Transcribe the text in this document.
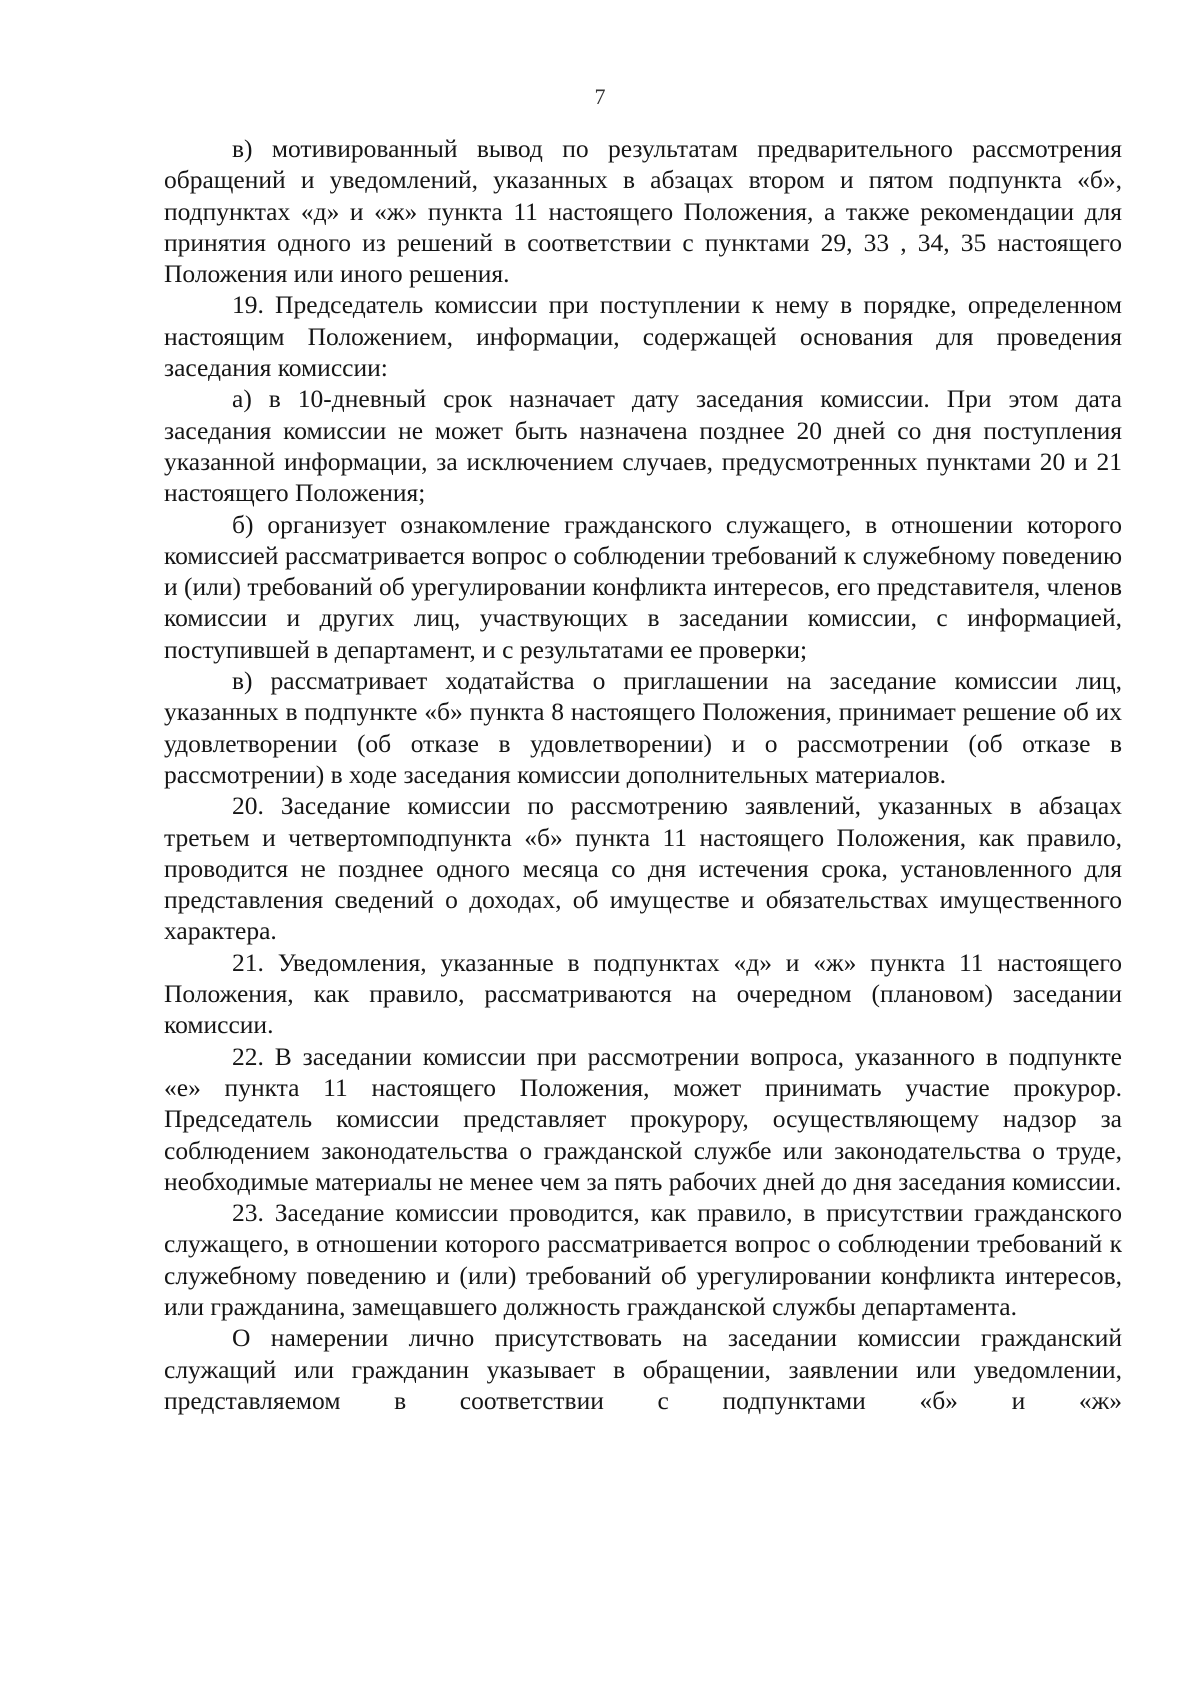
7

в) мотивированный вывод по результатам предварительного рассмотрения обращений и уведомлений, указанных в абзацах втором и пятом подпункта «б», подпунктах «д» и «ж» пункта 11 настоящего Положения, а также рекомендации для принятия одного из решений в соответствии с пунктами 29, 33 , 34, 35 настоящего Положения или иного решения.

19. Председатель комиссии при поступлении к нему в порядке, определенном настоящим Положением, информации, содержащей основания для проведения заседания комиссии:

а) в 10-дневный срок назначает дату заседания комиссии. При этом дата заседания комиссии не может быть назначена позднее 20 дней со дня поступления указанной информации, за исключением случаев, предусмотренных пунктами 20 и 21 настоящего Положения;

б) организует ознакомление гражданского служащего, в отношении которого комиссией рассматривается вопрос о соблюдении требований к служебному поведению и (или) требований об урегулировании конфликта интересов, его представителя, членов комиссии и других лиц, участвующих в заседании комиссии, с информацией, поступившей в департамент, и с результатами ее проверки;

в) рассматривает ходатайства о приглашении на заседание комиссии лиц, указанных в подпункте «б» пункта 8 настоящего Положения, принимает решение об их удовлетворении (об отказе в удовлетворении) и о рассмотрении (об отказе в рассмотрении) в ходе заседания комиссии дополнительных материалов.

20. Заседание комиссии по рассмотрению заявлений, указанных в абзацах третьем и четвертомподпункта «б» пункта 11 настоящего Положения, как правило, проводится не позднее одного месяца со дня истечения срока, установленного для представления сведений о доходах, об имуществе и обязательствах имущественного характера.

21. Уведомления, указанные в подпунктах «д» и «ж» пункта 11 настоящего Положения, как правило, рассматриваются на очередном (плановом) заседании комиссии.

22. В заседании комиссии при рассмотрении вопроса, указанного в подпункте «е» пункта 11 настоящего Положения, может принимать участие прокурор. Председатель комиссии представляет прокурору, осуществляющему надзор за соблюдением законодательства о гражданской службе или законодательства о труде, необходимые материалы не менее чем за пять рабочих дней до дня заседания комиссии.

23. Заседание комиссии проводится, как правило, в присутствии гражданского служащего, в отношении которого рассматривается вопрос о соблюдении требований к служебному поведению и (или) требований об урегулировании конфликта интересов, или гражданина, замещавшего должность гражданской службы департамента.

О намерении лично присутствовать на заседании комиссии гражданский служащий или гражданин указывает в обращении, заявлении или уведомлении, представляемом в соответствии с подпунктами «б» и «ж»
